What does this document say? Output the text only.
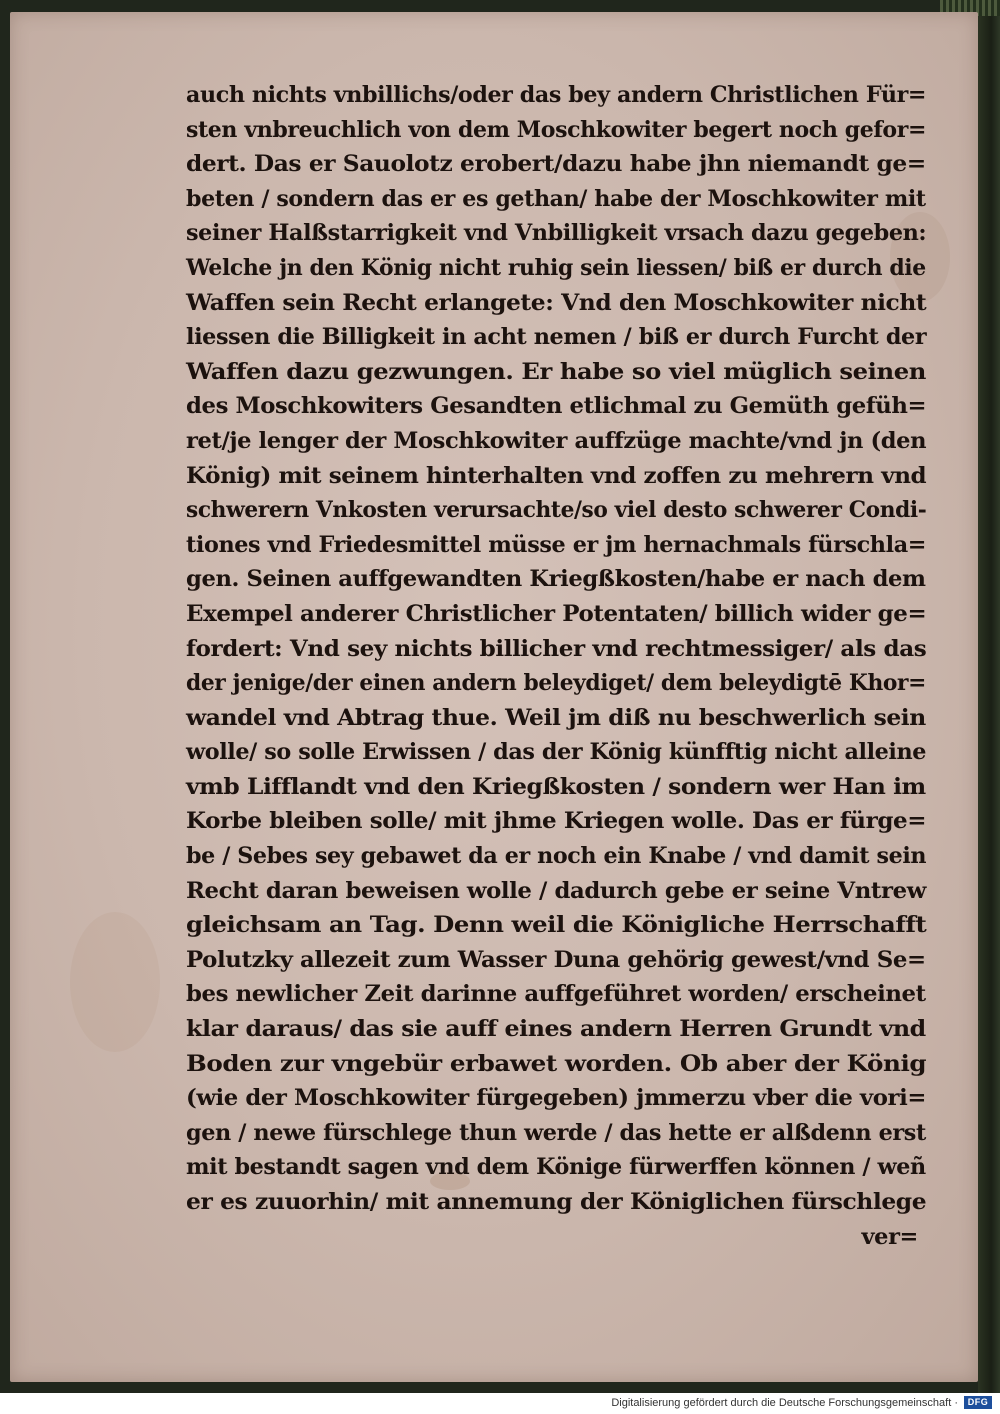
auch nichts vnbillichs/oder das bey andern Christlichen Für=
sten vnbreuchlich von dem Moschkowiter begert noch gefor=
dert. Das er Sauolotz erobert/dazu habe jhn niemandt ge=
beten / sondern das er es gethan/ habe der Moschkowiter mit
seiner Halßstarrigkeit vnd Vnbilligkeit vrsach dazu gegeben:
Welche jn den König nicht ruhig sein liessen/ biß er durch die
Waffen sein Recht erlangete: Vnd den Moschkowiter nicht
liessen die Billigkeit in acht nemen / biß er durch Furcht der
Waffen dazu gezwungen. Er habe so viel müglich seinen
des Moschkowiters Gesandten etlichmal zu Gemüth gefüh=
ret/je lenger der Moschkowiter auffzüge machte/vnd jn (den
König) mit seinem hinterhalten vnd zoffen zu mehrern vnd
schwerern Vnkosten verursachte/so viel desto schwerer Condi-
tiones vnd Friedesmittel müsse er jm hernachmals fürschla=
gen. Seinen auffgewandten Kriegßkosten/habe er nach dem
Exempel anderer Christlicher Potentaten/ billich wider ge=
fordert: Vnd sey nichts billicher vnd rechtmessiger/ als das
der jenige/der einen andern beleydiget/ dem beleydigtē Khor=
wandel vnd Abtrag thue. Weil jm diß nu beschwerlich sein
wolle/ so solle Erwissen / das der König künfftig nicht alleine
vmb Lifflandt vnd den Kriegßkosten / sondern wer Han im
Korbe bleiben solle/ mit jhme Kriegen wolle. Das er fürge=
be / Sebes sey gebawet da er noch ein Knabe / vnd damit sein
Recht daran beweisen wolle / dadurch gebe er seine Vntrew
gleichsam an Tag. Denn weil die Königliche Herrschafft
Polutzky allezeit zum Wasser Duna gehörig gewest/vnd Se=
bes newlicher Zeit darinne auffgeführet worden/ erscheinet
klar daraus/ das sie auff eines andern Herren Grundt vnd
Boden zur vngebür erbawet worden. Ob aber der König
(wie der Moschkowiter fürgegeben) jmmerzu vber die vori=
gen / newe fürschlege thun werde / das hette er alßdenn erst
mit bestandt sagen vnd dem Könige fürwerffen können / weñ
er es zuuorhin/ mit annemung der Königlichen fürschlege
ver=
Digitalisierung gefördert durch die Deutsche Forschungsgemeinschaft ·	DFG
